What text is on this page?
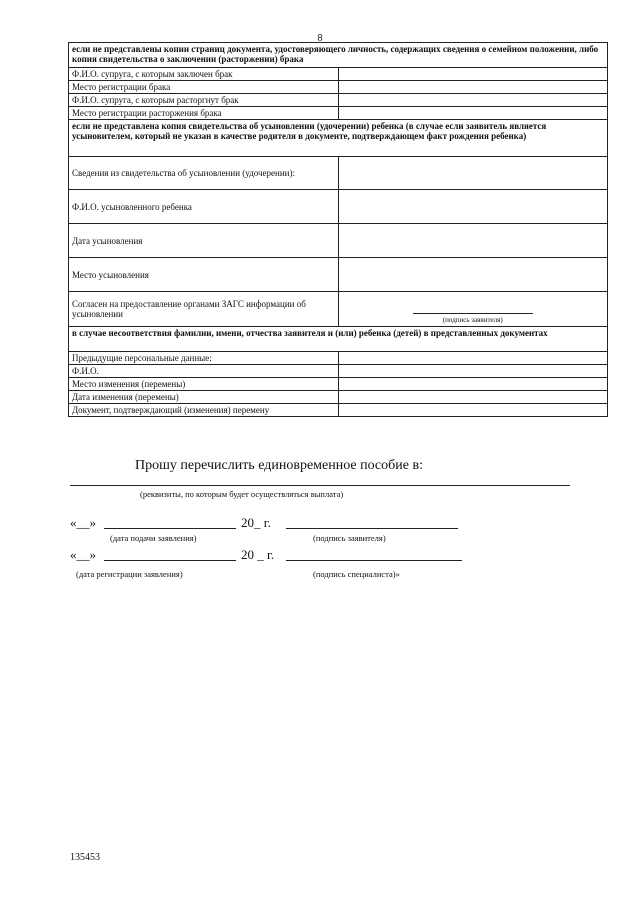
8
если не представлены копии страниц документа, удостоверяющего личность, содержащих сведения о семейном положении, либо копия свидетельства о заключении (расторжении) брака	
Ф.И.О. супруга, с которым заключен брак	
Место регистрации брака	
Ф.И.О. супруга, с которым расторгнут брак	
Место регистрации расторжения брака	
если не представлена копия свидетельства об усыновлении (удочерении) ребенка (в случае если заявитель является усыновителем, который не указан в качестве родителя в документе, подтверждающем факт рождения ребенка)	
Сведения из свидетельства об усыновлении (удочерении):	
Ф.И.О. усыновленного ребенка	
Дата усыновления	
Место усыновления	
Согласен на предоставление органами ЗАГС информации об усыновлении	(подпись заявителя)

в случае несоответствия фамилии, имени, отчества заявителя и (или) ребенка (детей) в представленных документах	
Предыдущие персональные данные:	
Ф.И.О.	
Место изменения (перемены)	
Дата изменения (перемены)	
Документ, подтверждающий (изменения) перемену	
Прошу перечислить единовременное пособие в:
(реквизиты, по которым будет осуществляться выплата)
«__»	20_ г.
(дата подачи заявления)	(подпись заявителя)
«__»	20 _ г.
(дата регистрации заявления)	(подпись специалиста)»
135453
